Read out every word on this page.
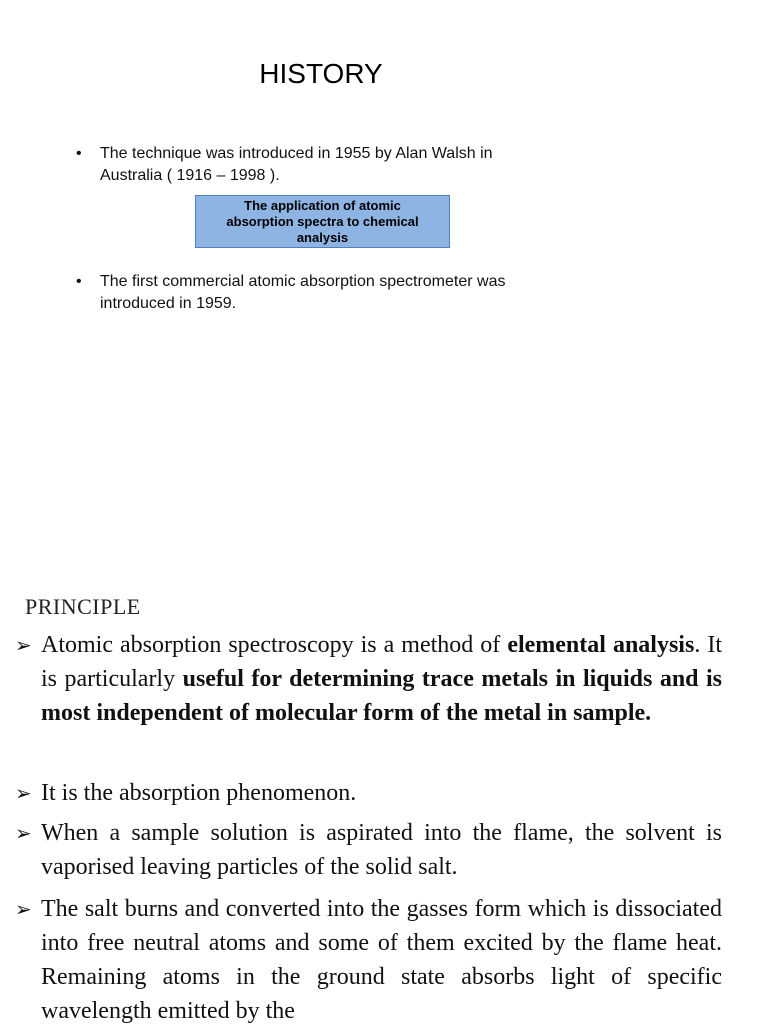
HISTORY
• The technique was introduced in 1955 by Alan Walsh in Australia ( 1916 – 1998 ).
The application of atomic absorption spectra to chemical analysis
• The first commercial atomic absorption spectrometer was introduced in 1959.
PRINCIPLE
➢ Atomic absorption spectroscopy is a method of elemental analysis. It is particularly useful for determining trace metals in liquids and is most independent of molecular form of the metal in sample.
➢ It is the absorption phenomenon.
➢ When a sample solution is aspirated into the flame, the solvent is vaporised leaving particles of the solid salt.
➢ The salt burns and converted into the gasses form which is dissociated into free neutral atoms and some of them excited by the flame heat. Remaining atoms in the ground state absorbs light of specific wavelength emitted by the
